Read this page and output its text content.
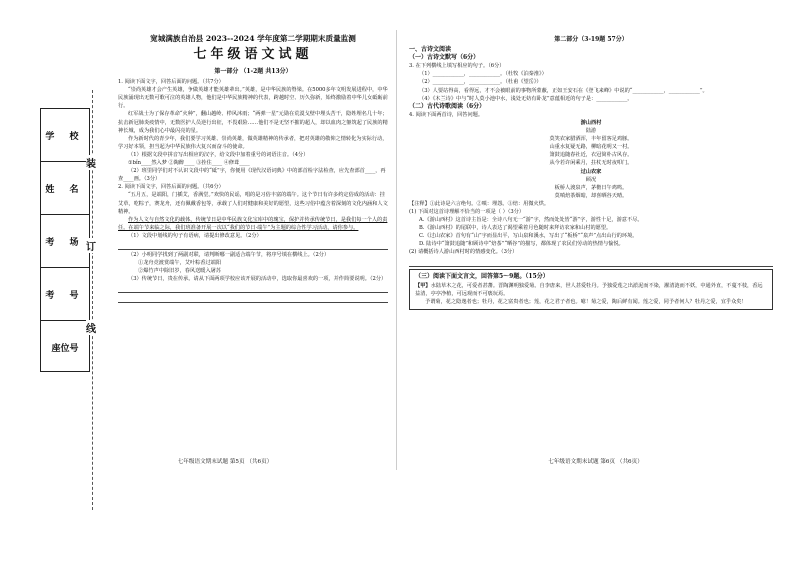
学 校
姓 名
考 场
考 号
座位号
装
订
线
宽城满族自治县 2023--2024 学年度第二学期期末质量监测
七年级语文试题
第一部分 （1-2题 共13分）

1. 阅读下面文字，回答后面的问题。（共7分）

“崇尚英雄才会产生英雄，争做英雄才能英雄辈出。”英雄，是中华民族的脊梁。在5000多年文明发展进程中，中华民族涌现出无数可歌可泣的英雄人物，他们是中华民族精神的代表，跨越时空、历久弥新，始终激励着中华儿女砥砺前行。

红军战士为了保存革命“火种”，翻山越岭、栉风沐雨；“两弹一星”元勋在荒漠戈壁中埋头苦干，隐姓埋名几十年；抗击新冠肺炎疫情中，无数医护人员逆行出征，不畏艰险……他们不是无坚不摧的超人，却以血肉之躯筑起了民族的精神长城，成为我们心中最闪亮的星。

作为新时代的青少年，我们要学习英雄、崇尚英雄，做英雄精神的传承者，把对英雄的敬仰之情转化为实际行动，学习好本领，担当起为中华民族伟大复兴而奋斗的使命。

（1）根据文段中拼音写出相应的汉字，给文段中加着重号的词语注音。（4分）

①bǐn____然入梦 ②陶醉____ ③拴住____ ④修葺____

（2）班里同学们对不认识文段中的“砥”字，你便用《现代汉语词典》中的部首检字法检查，应先查部首____，再查____画。（3分）

2. 阅读下面文字，回答后面的问题。（共6分）

“五月五，是端阳，门插艾，香满堂。”欢快的民谣，唱的是习俗丰富的端午。这个节日有许多约定俗成的活动：挂艾草，吃粽子，赛龙舟，还有佩戴香包等，承载了人们对健康和美好的愿望，这些习俗中蕴含着深刻的文化内涵和人文精神。

作为人文与自然文化的载体，传统节日是中华民族文化宝库中的瑰宝，保护并传承传统节日，是我们每一个人的责任。在端午节来临之际，我们班准备开展一次以“我们的节日·端午”为主题的综合性学习活动，请你参与。

（1）文段中划线的句子有语病，请提出修改意见。（2分）

（2）小明同学找到了两副对联，请判断哪一副适合端午节，将序号填在横线上。（2分）

①龙舟竞渡赏端午，艾叶粽香过端阳

②爆竹声中除旧岁，春风送暖入屠苏

（3）传统节日，贵在传承。请从下面两项学校应该开展的活动中，选取你最喜欢的一项，并作简要说明。（2分）

七年级语文期末试题 第5页 （共6页）
第二部分（3-19题 57分）

一、古诗文阅读

（一）古诗文默写（6分）

3. 在下列横线上填写相应的句子。（6分）

（1）____________，____________。（杜牧《泊秦淮》）

（2）____________，____________。（杜甫《望岳》）

（3）人要站得高，看得远，才不会被眼前的事物所蒙蔽，正如王安石在《登飞来峰》中说的“____________，____________”。

（4）《木兰诗》中与“时人莫小池中水，浅处无妨有卧龙”意蕴相近的句子是：____________。

（二）古代诗歌阅读（6分）

4. 阅读下面两首诗，回答问题。

游山西村
陆游
莫笑农家腊酒浑，丰年留客足鸡豚。
山重水复疑无路，柳暗花明又一村。
箫鼓追随春社近，衣冠简朴古风存。
从今若许闲乘月，拄杖无时夜叩门。
过山农家
顾况
板桥人渡泉声，茅檐日午鸡鸣。
莫嗔焙茶烟暗，却喜晒谷天晴。

【注释】①此诗是六言绝句。②嗔：埋怨。③焙：用微火烘。

(1) 下面对这首诗理解不恰当的一项是（ ）（3分）

A.《游山西村》这首诗主旨是：全诗八句无一“游”字，然而处处皆“游”字，游性十足，游意不尽。

B.《游山西村》的尾联中，诗人表达了渴望乘着月色随时来拜访农家和山村的愿望。

C.《过山农家》首句有“山”字而显出平，写山泉和溪水，写出了“板桥”“泉声”点出山行的环境。

D. 陆诗中“箫鼓追随”和顾诗中“焙茶”“晒谷”的描写，都体现了农民们劳动的热情与愉悦。

(2) 请概括诗人游山西村时的情感变化。（3分）

（三）阅读下面文言文，回答第5～9题。（15分）

【甲】水陆草木之花，可爱者甚蕃。晋陶渊明独爱菊。自李唐来，世人甚爱牡丹。予独爱莲之出淤泥而不染，濯清涟而不妖，中通外直，不蔓不枝，香远益清，亭亭净植，可远观而不可亵玩焉。

予谓菊，花之隐逸者也；牡丹，花之富贵者也；莲，花之君子者也。噫！菊之爱，陶后鲜有闻。莲之爱，同予者何人？牡丹之爱，宜乎众矣！

七年级语文期末试题 第6页 （共6页）
